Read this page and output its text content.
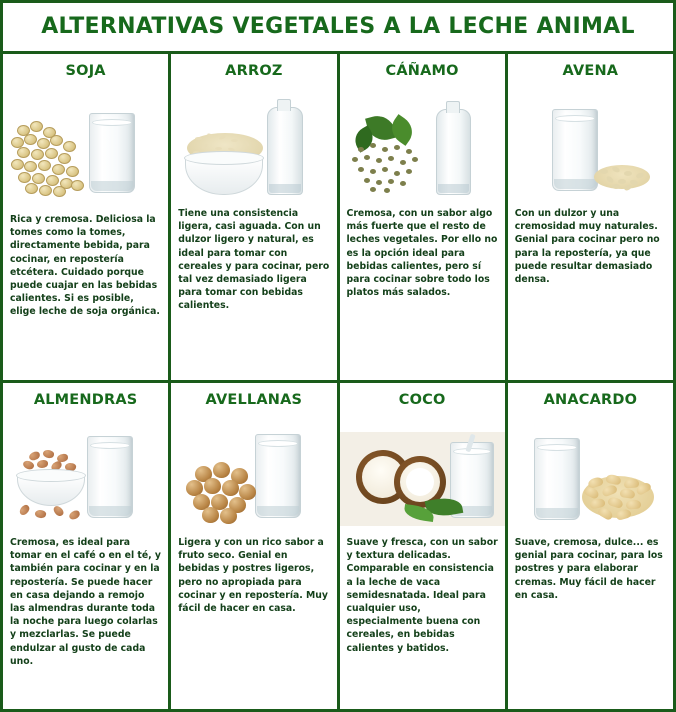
ALTERNATIVAS VEGETALES A LA LECHE ANIMAL
SOJA
Rica y cremosa. Deliciosa la tomes como la tomes, directamente bebida, para cocinar, en repostería etcétera. Cuidado porque puede cuajar en las bebidas calientes. Si es posible, elige leche de soja orgánica.
ARROZ
Tiene una consistencia ligera, casi aguada. Con un dulzor ligero y natural, es ideal para tomar con cereales y para cocinar, pero tal vez demasiado ligera para tomar con bebidas calientes.
CÁÑAMO
Cremosa, con un sabor algo más fuerte que el resto de leches vegetales. Por ello no es la opción ideal para bebidas calientes, pero sí para cocinar sobre todo los platos más salados.
AVENA
Con un dulzor y una cremosidad muy naturales. Genial para cocinar pero no para la repostería, ya que puede resultar demasiado densa.
ALMENDRAS
Cremosa, es ideal para tomar en el café o en el té, y también para cocinar y en la repostería. Se puede hacer en casa dejando a remojo las almendras durante toda la noche para luego colarlas y mezclarlas. Se puede endulzar al gusto de cada uno.
AVELLANAS
Ligera y con un rico sabor a fruto seco. Genial en bebidas y postres ligeros, pero no apropiada para cocinar y en repostería. Muy fácil de hacer en casa.
COCO
Suave y fresca, con un sabor y textura delicadas. Comparable en consistencia a la leche de vaca semidesnatada. Ideal para cualquier uso, especialmente buena con cereales, en bebidas calientes y batidos.
ANACARDO
Suave, cremosa, dulce... es genial para cocinar, para los postres y para elaborar cremas. Muy fácil de hacer en casa.
